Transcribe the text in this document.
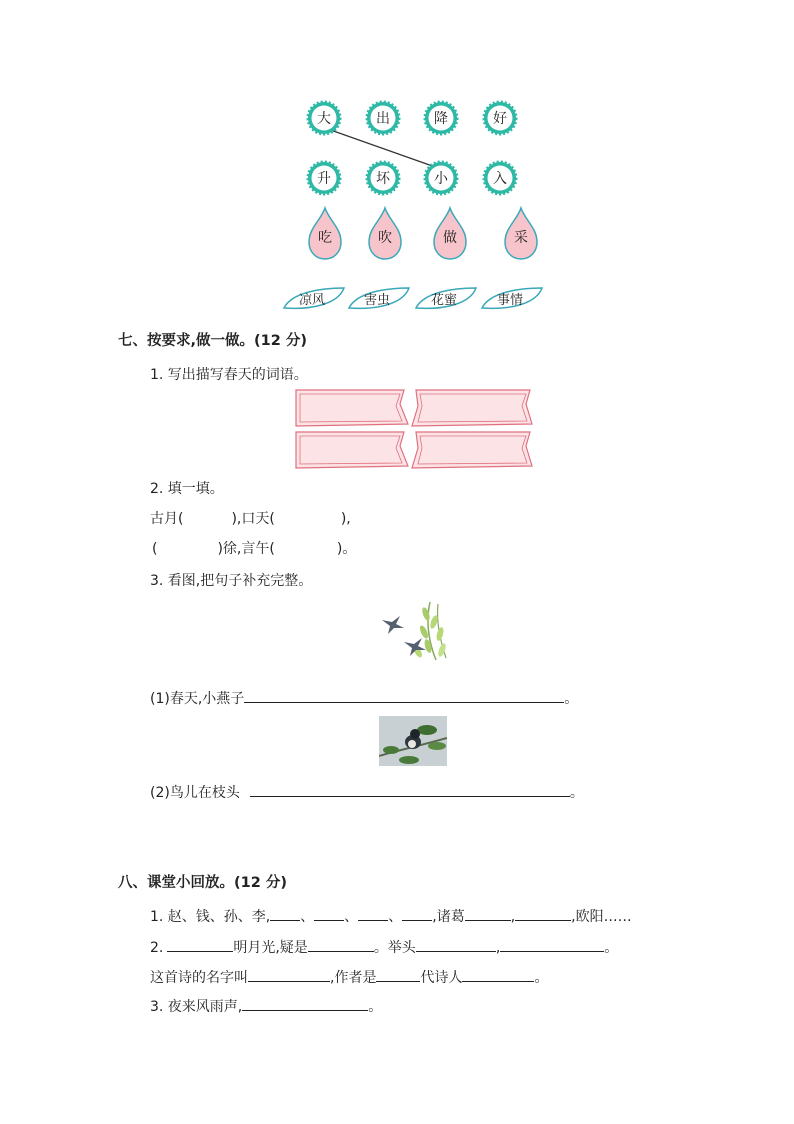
大	出	降	好
升	坏	小	入
吃	吹	做	采
凉风	害虫	花蜜	事情
七、按要求,做一做。(12 分)
1. 写出描写春天的词语。
2. 填一填。
古月(	),口天(	),
(	)徐,言午(	)。
3. 看图,把句子补充完整。
(1)春天,小燕子	。
(2)鸟儿在枝头	。
八、课堂小回放。(12 分)
1. 赵、钱、孙、李, 、 、 、 ,诸葛	,	,欧阳……
2.	明月光,疑是	。举头	,	。
这首诗的名字叫	,作者是	代诗人	。
3. 夜来风雨声,	。
